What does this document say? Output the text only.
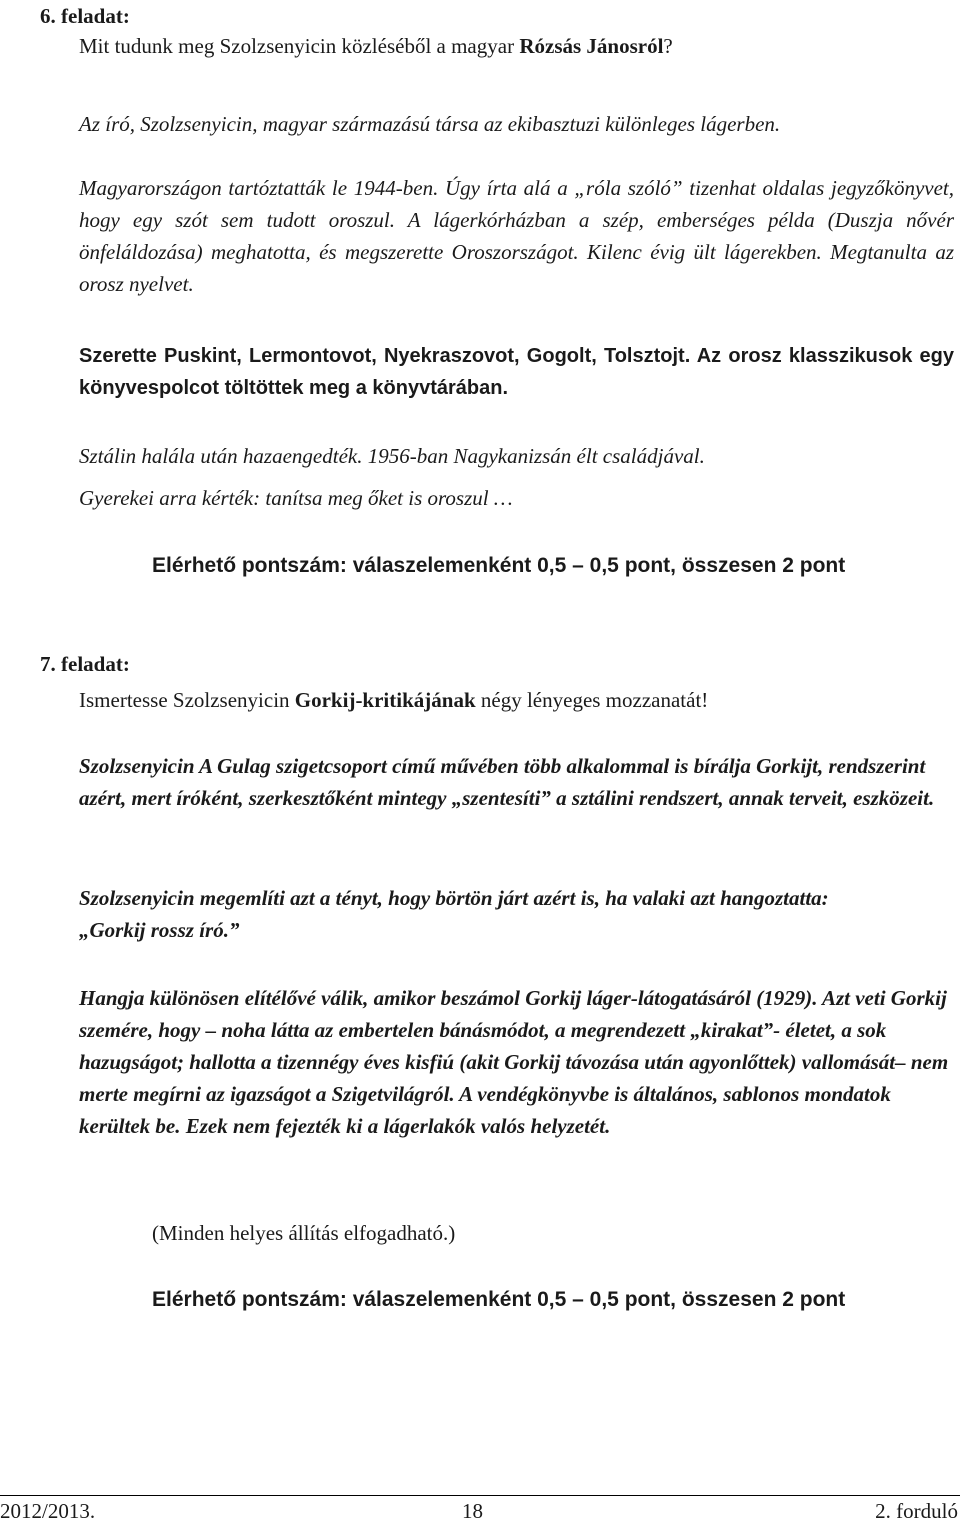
6. feladat:
Mit tudunk meg Szolzsenyicin közléséből a magyar Rózsás Jánosról?
Az író, Szolzsenyicin, magyar származású társa az ekibasztuzi különleges lágerben.
Magyarországon tartóztatták le 1944-ben. Úgy írta alá a „róla szóló” tizenhat oldalas jegyzőkönyvet, hogy egy szót sem tudott oroszul. A lágerkórházban a szép, emberséges példa (Duszja nővér önfeláldozása) meghatotta, és megszerette Oroszországot. Kilenc évig ült lágerekben. Megtanulta az orosz nyelvet.
Szerette Puskint, Lermontovot, Nyekraszovot, Gogolt, Tolsztojt. Az orosz klasszikusok egy könyvespolcot töltöttek meg a könyvtárában.
Sztálin halála után hazaengedték. 1956-ban Nagykanizsán élt családjával.
Gyerekei arra kérték: tanítsa meg őket is oroszul …
Elérhető pontszám: válaszelemenként 0,5 – 0,5 pont, összesen 2 pont
7. feladat:
Ismertesse Szolzsenyicin Gorkij-kritikájának négy lényeges mozzanatát!
Szolzsenyicin A Gulag szigetcsoport című művében több alkalommal is bírálja Gorkijt, rendszerint azért, mert íróként, szerkesztőként mintegy „szentesíti” a sztálini rendszert, annak terveit, eszközeit.
Szolzsenyicin megemlíti azt a tényt, hogy börtön járt azért is, ha valaki azt hangoztatta: „Gorkij rossz író.”
Hangja különösen elítélővé válik, amikor beszámol Gorkij láger-látogatásáról (1929). Azt veti Gorkij szemére, hogy – noha látta az embertelen bánásmódot, a megrendezett „kirakat”- életet, a sok hazugságot; hallotta a tizennégy éves kisfiú (akit Gorkij távozása után agyonlőttek) vallomását– nem merte megírni az igazságot a Szigetvilágról. A vendégkönyvbe is általános, sablonos mondatok kerültek be. Ezek nem fejezték ki a lágerlakók valós helyzetét.
(Minden helyes állítás elfogadható.)
Elérhető pontszám: válaszelemenként 0,5 – 0,5 pont, összesen 2 pont
2012/2013.	18	2. forduló
